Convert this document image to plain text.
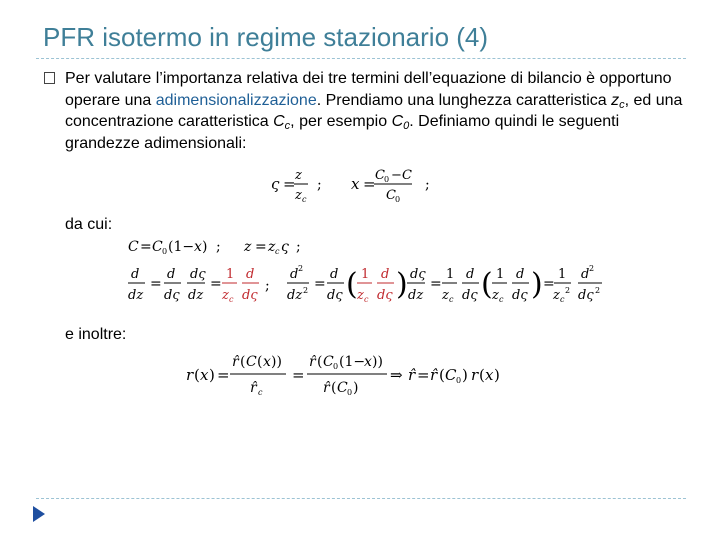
PFR isotermo in regime stazionario (4)
Per valutare l’importanza relativa dei tre termini dell’equazione di bilancio è opportuno operare una adimensionalizzazione. Prendiamo una lunghezza caratteristica $z_c$, ed una concentrazione caratteristica $C_c$, per esempio $C_0$. Definiamo quindi le seguenti grandezze adimensionali:
ς = z
z c
; x = C 0 − C
C 0
;
da cui:
C = C 0 (1− x ) ; z = z c ς ;
d
dz
=
d
dς
dς
dz
=
1
z c
d
dς
;
d 2
dz 2 =
d
dς ( 1
z c
d
dς ) dς
dz
=
1
z c
d
dς ( 1
z c
d
dς ) =
1
z c
2
d 2
dς 2
e inoltre:
r ( x ) =
r̂ ( C ( x ))
r̂ c
=
r̂ ( C 0 (1−
x ))
r̂ ( C 0 )
⇒ r̂ = r̂ ( C 0 ) r ( x )
